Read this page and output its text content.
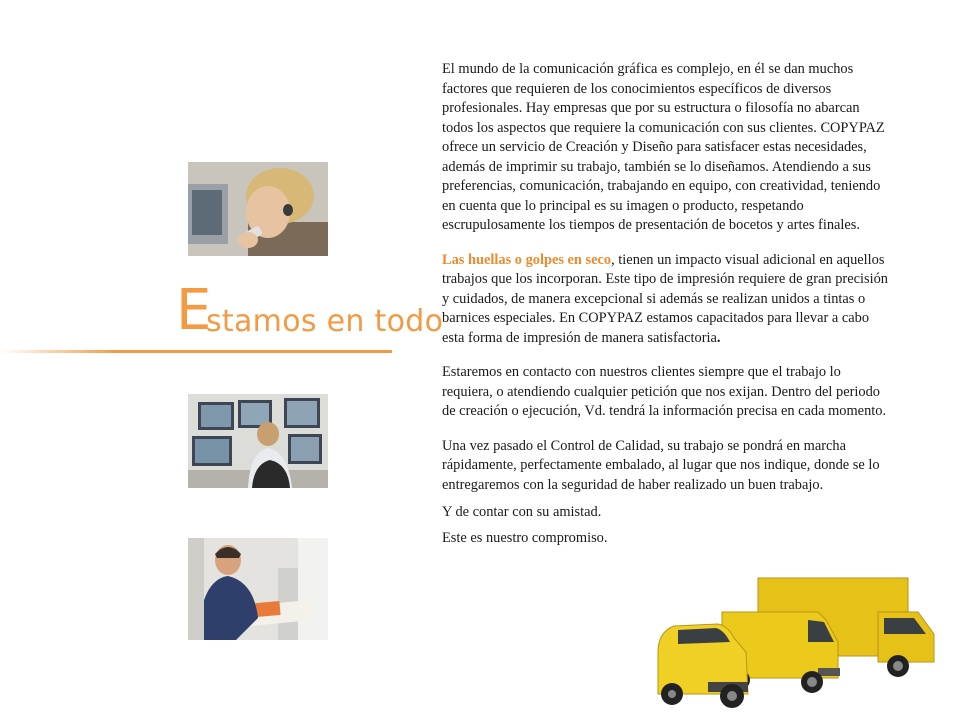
E
stamos en todo

El mundo de la comunicación gráfica es complejo, en él se dan muchos factores que requieren de los conocimientos específicos de diversos profesionales. Hay empresas que por su estructura o filosofía no abarcan todos los aspectos que requiere la comunicación con sus clientes. COPYPAZ ofrece un servicio de Creación y Diseño para satisfacer estas necesidades, además de imprimir su trabajo, también se lo diseñamos. Atendiendo a sus preferencias, comunicación, trabajando en equipo, con creatividad, teniendo en cuenta que lo principal es su imagen o producto, respetando escrupulosamente los tiempos de presentación de bocetos y artes finales.

Las huellas o golpes en seco, tienen un impacto visual adicional en aquellos trabajos que los incorporan. Este tipo de impresión requiere de gran precisión y cuidados, de manera excepcional si además se realizan unidos a tintas o barnices especiales. En COPYPAZ estamos capacitados para llevar a cabo esta forma de impresión de manera satisfactoria.

Estaremos en contacto con nuestros clientes siempre que el trabajo lo requiera, o atendiendo cualquier petición que nos exijan. Dentro del periodo de creación o ejecución, Vd. tendrá la información precisa en cada momento.

Una vez pasado el Control de Calidad, su trabajo se pondrá en marcha rápidamente, perfectamente embalado, al lugar que nos indique, donde se lo entregaremos con la seguridad de haber realizado un buen trabajo.

Y de contar con su amistad.

Este es nuestro compromiso.
